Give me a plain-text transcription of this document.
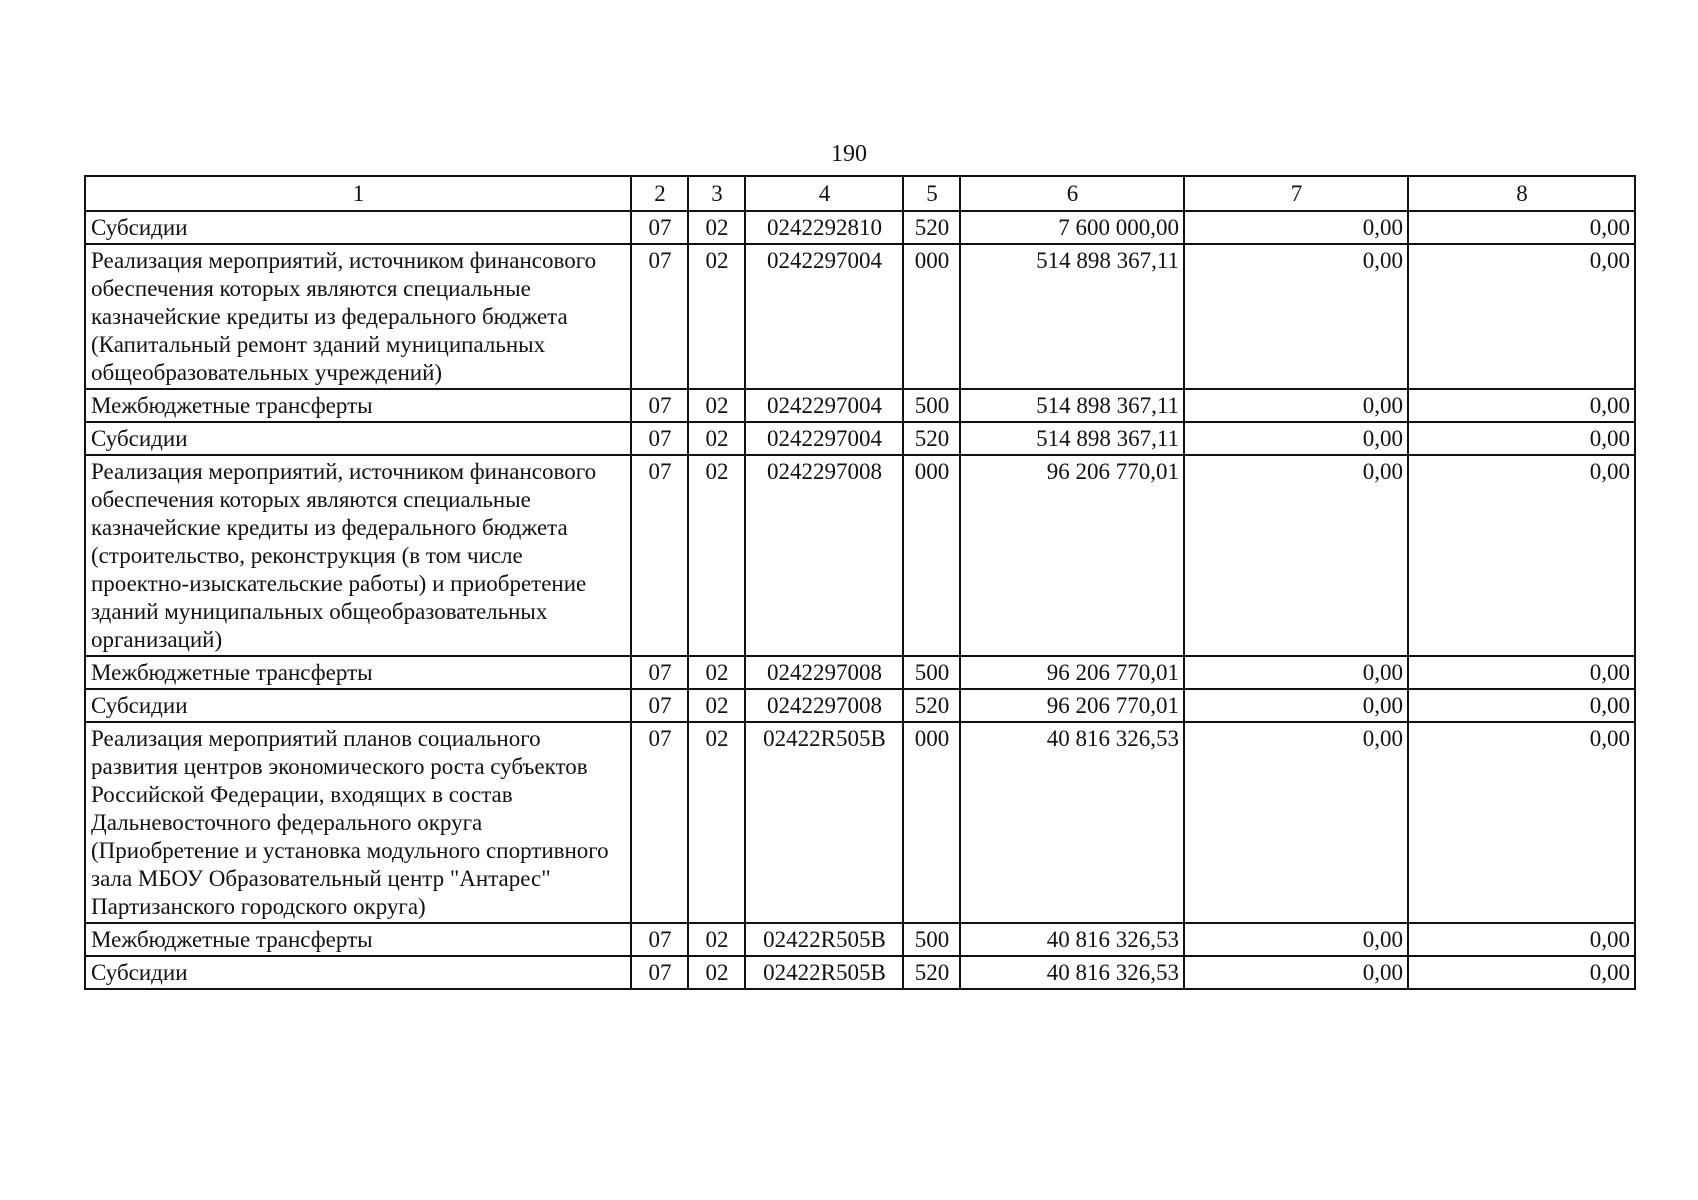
190
1	2	3	4	5	6	7	8
Субсидии	07	02	0242292810	520	7 600 000,00	0,00	0,00
Реализация мероприятий, источником финансового обеспечения которых являются специальные казначейские кредиты из федерального бюджета (Капитальный ремонт зданий муниципальных общеобразовательных учреждений)	07	02	0242297004	000	514 898 367,11	0,00	0,00
Межбюджетные трансферты	07	02	0242297004	500	514 898 367,11	0,00	0,00
Субсидии	07	02	0242297004	520	514 898 367,11	0,00	0,00
Реализация мероприятий, источником финансового обеспечения которых являются специальные казначейские кредиты из федерального бюджета (строительство, реконструкция (в том числе проектно-изыскательские работы) и приобретение зданий муниципальных общеобразовательных организаций)	07	02	0242297008	000	96 206 770,01	0,00	0,00
Межбюджетные трансферты	07	02	0242297008	500	96 206 770,01	0,00	0,00
Субсидии	07	02	0242297008	520	96 206 770,01	0,00	0,00
Реализация мероприятий планов социального развития центров экономического роста субъектов Российской Федерации, входящих в состав Дальневосточного федерального округа (Приобретение и установка модульного спортивного зала МБОУ Образовательный центр "Антарес" Партизанского городского округа)	07	02	02422R505B	000	40 816 326,53	0,00	0,00
Межбюджетные трансферты	07	02	02422R505B	500	40 816 326,53	0,00	0,00
Субсидии	07	02	02422R505B	520	40 816 326,53	0,00	0,00
